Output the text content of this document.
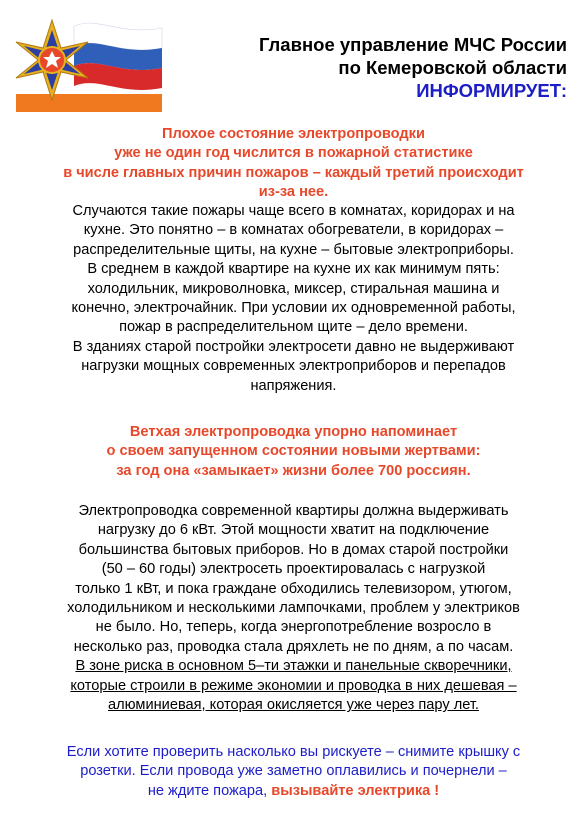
Главное управление МЧС России
по Кемеровской области
ИНФОРМИРУЕТ:

Плохое состояние электропроводки
уже не один год числится в пожарной статистике
в числе главных причин пожаров – каждый третий происходит
из-за нее.

Случаются такие пожары чаще всего в комнатах, коридорах и на
кухне. Это понятно – в комнатах обогреватели, в коридорах –
распределительные щиты, на кухне – бытовые электроприборы.
В среднем в каждой квартире на кухне их как минимум пять:
холодильник, микроволновка, миксер, стиральная машина и
конечно, электрочайник. При условии их одновременной работы,
пожар в распределительном щите – дело времени.
В зданиях старой постройки электросети давно не выдерживают
нагрузки мощных современных электроприборов и перепадов
напряжения.

Ветхая электропроводка упорно напоминает
о своем запущенном состоянии новыми жертвами:
за год она «замыкает» жизни более 700 россиян.

Электропроводка современной квартиры должна выдерживать
нагрузку до 6 кВт. Этой мощности хватит на подключение
большинства бытовых приборов. Но в домах старой постройки
(50 – 60 годы) электросеть проектировалась с нагрузкой
только 1 кВт, и пока граждане обходились телевизором, утюгом,
холодильником и несколькими лампочками, проблем у электриков
не было. Но, теперь, когда энергопотребление возросло в
несколько раз, проводка стала дряхлеть не по дням, а по часам.
В зоне риска в основном 5–ти этажки и панельные скворечники,
которые строили в режиме экономии и проводка в них дешевая –
алюминиевая, которая окисляется уже через пару лет.

Если хотите проверить насколько вы рискуете – снимите крышку с
розетки. Если провода уже заметно оплавились и почернели –
не ждите пожара, вызывайте электрика !
